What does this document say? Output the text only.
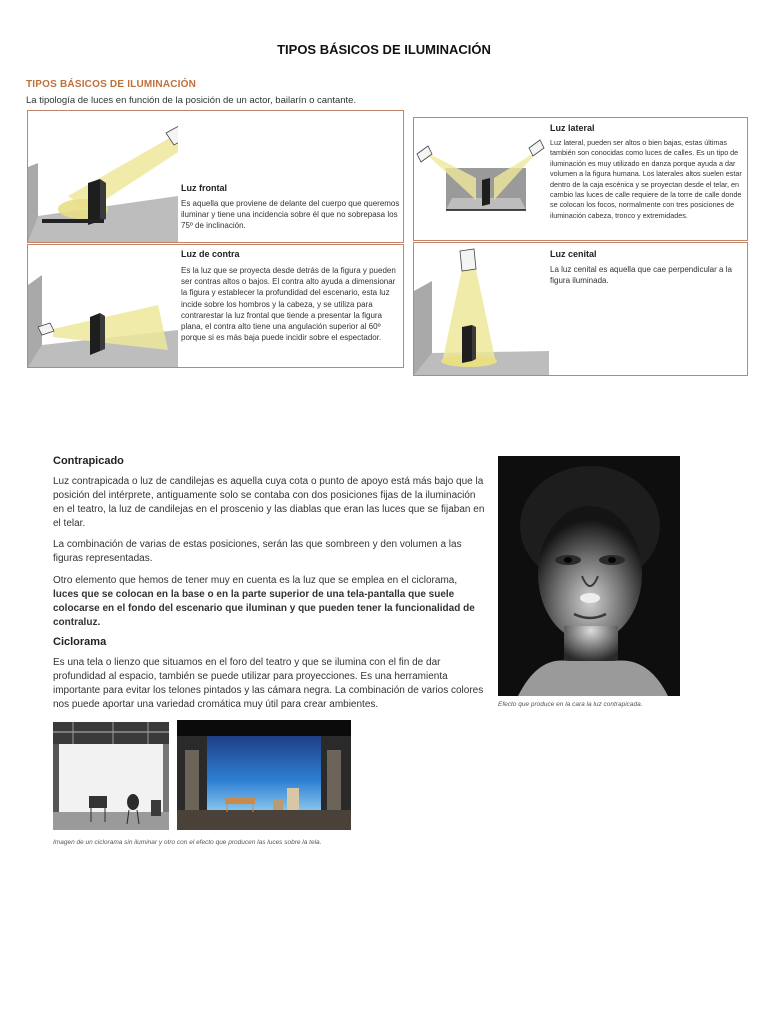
TIPOS BÁSICOS DE ILUMINACIÓN
TIPOS BÁSICOS DE ILUMINACIÓN
La tipología de luces en función de la posición de un actor, bailarín o cantante.
Luz frontal
Es aquella que proviene de delante del cuerpo que queremos iluminar y tiene una incidencia sobre él que no sobrepasa los 75º de inclinación.
Luz de contra
Es la luz que se proyecta desde detrás de la figura y pueden ser contras altos o bajos. El contra alto ayuda a dimensionar la figura y establecer la profundidad del escenario, esta luz incide sobre los hombros y la cabeza, y se utiliza para contrarestar la luz frontal que tiende a presentar la figura plana, el contra alto tiene una angulación superior al 60º porque si es más baja puede incidir sobre el espectador.
Luz lateral
Luz lateral, pueden ser altos o bien bajas, estas últimas también son conocidas como luces de calles. Es un tipo de iluminación es muy utilizado en danza porque ayuda a dar volumen a la figura humana. Los laterales altos suelen estar dentro de la caja escénica y se proyectan desde el telar, en cambio las luces de calle requiere de la torre de calle donde se colocan los focos, normalmente con tres posiciones de iluminación cabeza, tronco y extremidades.
Luz cenital
La luz cenital es aquella que cae perpendicular a la figura iluminada.
Contrapicado
Luz contrapicada o luz de candilejas es aquella cuya cota o punto de apoyo está más bajo que la posición del intérprete, antiguamente solo se contaba con dos posiciones fijas de la iluminación en el teatro, la luz de candilejas en el proscenio y las diablas que eran las luces que se fijaban en el telar.
La combinación de varias de estas posiciones, serán las que sombreen y den volumen a las figuras representadas.
Otro elemento que hemos de tener muy en cuenta es la luz que se emplea en el ciclorama, luces que se colocan en la base o en la parte superior de una tela-pantalla que suele colocarse en el fondo del escenario que iluminan y que pueden tener la funcionalidad de contraluz.
Ciclorama
Es una tela o lienzo que situamos en el foro del teatro y que se ilumina con el fin de dar profundidad al espacio, también se puede utilizar para proyecciones. Es una herramienta importante para evitar los telones pintados y las cámara negra. La combinación de varios colores nos puede aportar una variedad cromática muy útil para crear ambientes.	Efecto que produce en la cara la luz contrapicada.
Imagen de un ciclorama sin iluminar y otro con el efecto que producen las luces sobre la tela.
